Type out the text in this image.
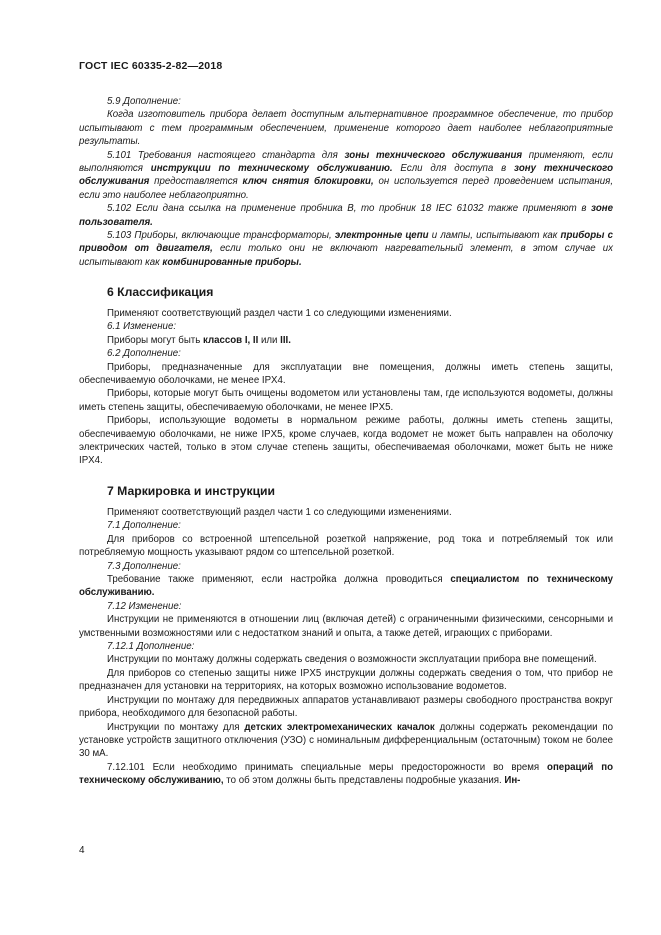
ГОСТ IEC 60335-2-82—2018

5.9 Дополнение:

Когда изготовитель прибора делает доступным альтернативное программное обеспечение, то прибор испытывают с тем программным обеспечением, применение которого дает наиболее неблагоприятные результаты.

5.101 Требования настоящего стандарта для зоны технического обслуживания применяют, если выполняются инструкции по техническому обслуживанию. Если для доступа в зону технического обслуживания предоставляется ключ снятия блокировки, он используется перед проведением испытания, если это наиболее неблагоприятно.

5.102 Если дана ссылка на применение пробника В, то пробник 18 IEC 61032 также применяют в зоне пользователя.

5.103 Приборы, включающие трансформаторы, электронные цепи и лампы, испытывают как приборы с приводом от двигателя, если только они не включают нагревательный элемент, в этом случае их испытывают как комбинированные приборы.

6 Классификация

Применяют соответствующий раздел части 1 со следующими изменениями.

6.1 Изменение:

Приборы могут быть классов I, II или III.

6.2 Дополнение:

Приборы, предназначенные для эксплуатации вне помещения, должны иметь степень защиты, обеспечиваемую оболочками, не менее IPX4.

Приборы, которые могут быть очищены водометом или установлены там, где используются водометы, должны иметь степень защиты, обеспечиваемую оболочками, не менее IPX5.

Приборы, использующие водометы в нормальном режиме работы, должны иметь степень защиты, обеспечиваемую оболочками, не ниже IPX5, кроме случаев, когда водомет не может быть направлен на оболочку электрических частей, только в этом случае степень защиты, обеспечиваемая оболочками, может быть не ниже IPX4.

7 Маркировка и инструкции

Применяют соответствующий раздел части 1 со следующими изменениями.

7.1 Дополнение:

Для приборов со встроенной штепсельной розеткой напряжение, род тока и потребляемый ток или потребляемую мощность указывают рядом со штепсельной розеткой.

7.3 Дополнение:

Требование также применяют, если настройка должна проводиться специалистом по техническому обслуживанию.

7.12 Изменение:

Инструкции не применяются в отношении лиц (включая детей) с ограниченными физическими, сенсорными и умственными возможностями или с недостатком знаний и опыта, а также детей, играющих с приборами.

7.12.1 Дополнение:

Инструкции по монтажу должны содержать сведения о возможности эксплуатации прибора вне помещений.

Для приборов со степенью защиты ниже IPX5 инструкции должны содержать сведения о том, что прибор не предназначен для установки на территориях, на которых возможно использование водометов.

Инструкции по монтажу для передвижных аппаратов устанавливают размеры свободного пространства вокруг прибора, необходимого для безопасной работы.

Инструкции по монтажу для детских электромеханических качалок должны содержать рекомендации по установке устройств защитного отключения (УЗО) с номинальным дифференциальным (остаточным) током не более 30 мА.

7.12.101 Если необходимо принимать специальные меры предосторожности во время операций по техническому обслуживанию, то об этом должны быть представлены подробные указания. Ин-

4
